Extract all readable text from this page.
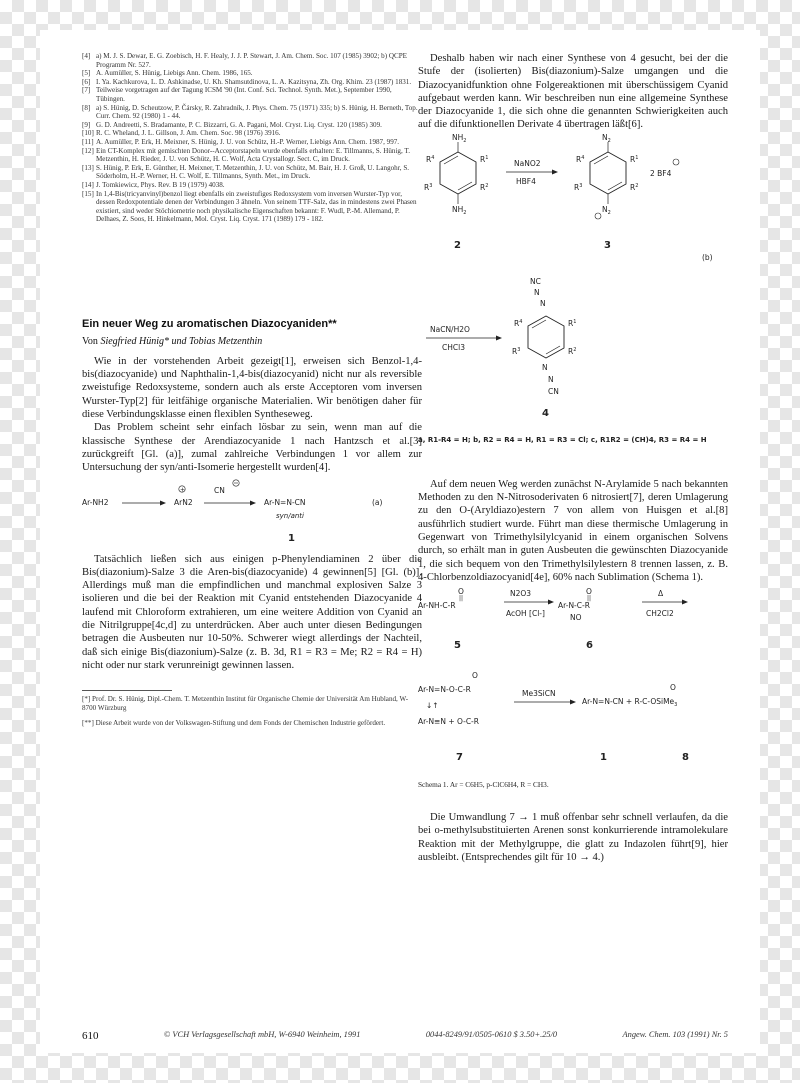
[4] a) M. J. S. Dewar, E. G. Zoebisch, H. F. Healy, J. J. P. Stewart, J. Am. Chem. Soc. 107 (1985) 3902; b) QCPE Programm Nr. 527.
[5] A. Aumüller, S. Hünig, Liebigs Ann. Chem. 1986, 165.
[6] I. Ya. Kachkurova, L. D. Ashkinadse, U. Kh. Shamsutdinova, L. A. Kazitsyna, Zh. Org. Khim. 23 (1987) 1831.
[7] Teilweise vorgetragen auf der Tagung ICSM '90 (Int. Conf. Sci. Technol. Synth. Met.), September 1990, Tübingen.
[8] a) S. Hünig, D. Scheutzow, P. Čársky, R. Zahradník, J. Phys. Chem. 75 (1971) 335; b) S. Hünig, H. Berneth, Top. Curr. Chem. 92 (1980) 1 - 44.
[9] G. D. Andreetti, S. Bradamante, P. C. Bizzarri, G. A. Pagani, Mol. Cryst. Liq. Cryst. 120 (1985) 309.
[10] R. C. Wheland, J. L. Gillson, J. Am. Chem. Soc. 98 (1976) 3916.
[11] A. Aumüller, P. Erk, H. Meixner, S. Hünig, J. U. von Schütz, H.-P. Werner, Liebigs Ann. Chem. 1987, 997.
[12] Ein CT-Komplex mit gemischten Donor--Acceptorstapeln wurde ebenfalls erhalten: E. Tillmanns, S. Hünig, T. Metzenthin, H. Rieder, J. U. von Schütz, H. C. Wolf, Acta Crystallogr. Sect. C, im Druck.
[13] S. Hünig, P. Erk, E. Günther, H. Meixner, T. Metzenthin, J. U. von Schütz, M. Bair, H. J. Groß, U. Langohr, S. Söderholm, H.-P. Werner, H. C. Wolf, E. Tillmanns, Synth. Met., im Druck.
[14] J. Tomkiewicz, Phys. Rev. B 19 (1979) 4038.
[15] In 1,4-Bis(tricyanvinyl)benzol liegt ebenfalls ein zweistufiges Redoxsystem vom inversen Wurster-Typ vor, dessen Redoxpotentiale denen der Verbindungen 3 ähneln. Von seinem TTF-Salz, das in mindestens zwei Phasen existiert, sind weder Stöchiometrie noch physikalische Eigenschaften bekannt: F. Wudl, P.-M. Allemand, P. Delhaes, Z. Soos, H. Hinkelmann, Mol. Cryst. Liq. Cryst. 171 (1989) 179 - 182.
Ein neuer Weg zu aromatischen Diazocyaniden**
Von Siegfried Hünig* und Tobias Metzenthin

Wie in der vorstehenden Arbeit gezeigt[1], erweisen sich Benzol-1,4-bis(diazocyanide) und Naphthalin-1,4-bis(diazocyanid) nicht nur als reversible zweistufige Redoxsysteme, sondern auch als erste Acceptoren vom inversen Wurster-Typ[2] für leitfähige organische Materialien. Wir benötigen daher für diese Verbindungsklasse einen flexiblen Syntheseweg.

Das Problem scheint sehr einfach lösbar zu sein, wenn man auf die klassische Synthese der Arendiazocyanide 1 nach Hantzsch et al.[3] zurückgreift [Gl. (a)], zumal zahlreiche Verbindungen 1 vor allem zur Untersuchung der syn/anti-Isomerie hergestellt wurden[4].

Ar-NH2	ArN2
+	CN
Ar-N=N-CN
syn/anti
(a)
1

Tatsächlich ließen sich aus einigen p-Phenylendiaminen 2 über die Bis(diazonium)-Salze 3 die Aren-bis(diazocyanide) 4 gewinnen[5] [Gl. (b)]. Allerdings muß man die empfindlichen und manchmal explosiven Salze 3 isolieren und die bei der Reaktion mit Cyanid entstehenden Diazocyanide 4 laufend mit Chloroform extrahieren, um eine weitere Addition von Cyanid an die Nitrilgruppe[4c,d] zu unterdrücken. Aber auch unter diesen Bedingungen betragen die Ausbeuten nur 10-50%. Schwerer wiegt allerdings der Nachteil, daß sich einige Bis(diazonium)-Salze (z. B. 3d, R1 = R3 = Me; R2 = R4 = H) nicht oder nur stark verunreinigt gewinnen lassen.

[*] Prof. Dr. S. Hünig, Dipl.-Chem. T. Metzenthin Institut für Organische Chemie der Universität Am Hubland, W-8700 Würzburg
[**] Diese Arbeit wurde von der Volkswagen-Stiftung und dem Fonds der Chemischen Industrie gefördert.

Deshalb haben wir nach einer Synthese von 4 gesucht, bei der die Stufe der (isolierten) Bis(diazonium)-Salze umgangen und die Diazocyanidfunktion ohne Folgereaktionen mit überschüssigem Cyanid aufgebaut werden kann. Wir beschreiben nun eine allgemeine Synthese der Diazocyanide 1, die sich ohne die genannten Schwierigkeiten auch auf die difunktionellen Derivate 4 übertragen läßt[6].

$NH_2$
$NH_2$
$R^4$	$R^1$
$R^3$	$R^2$
NaNO2
HBF4
$N_2$
$N_2$
$R^4$	$R^1$
$R^3$	$R^2$
2 BF4
2	3
(b)
NaCN/H2O
CHCl3
NC
N
N
$R^4$	$R^1$
$R^3$	$R^2$
N
N
CN
4
a, R1-R4 = H; b, R2 = R4 = H, R1 = R3 = Cl; c, R1R2 = (CH)4, R3 = R4 = H

Auf dem neuen Weg werden zunächst N-Arylamide 5 nach bekannten Methoden zu den N-Nitrosoderivaten 6 nitrosiert[7], deren Umlagerung zu den O-(Aryldiazo)estern 7 von allem von Huisgen et al.[8] ausführlich studiert wurde. Führt man diese thermische Umlagerung in Gegenwart von Trimethylsilylcyanid in einem organischen Solvens durch, so erhält man in guten Ausbeuten die gewünschten Diazocyanide 1, die sich bequem von den Trimethylsilylestern 8 trennen lassen, z. B. 4-Chlorbenzoldiazocyanid[4e], 60% nach Sublimation (Schema 1).

Ar-NH-C-R
O
||
N2O3
AcOH [Cl-]
Ar-N-C-R
O
||
NO
Δ
CH2Cl2
5	6
Ar-N=N-O-C-R
O
↓↑
Ar-N≡N + O-C-R
Me3SiCN
Ar-N=N-CN + R-C-OSiMe$_3$
O
7	1	8
Schema 1. Ar = C6H5, p-ClC6H4, R = CH3.

Die Umwandlung 7 → 1 muß offenbar sehr schnell verlaufen, da die bei o-methylsubstituierten Arenen sonst konkurrierende intramolekulare Reaktion mit der Methylgruppe, die glatt zu Indazolen führt[9], hier ausbleibt. (Entsprechendes gilt für 10 → 4.)

610	© VCH Verlagsgesellschaft mbH, W-6940 Weinheim, 1991	0044-8249/91/0505-0610 $ 3.50+.25/0	Angew. Chem. 103 (1991) Nr. 5
